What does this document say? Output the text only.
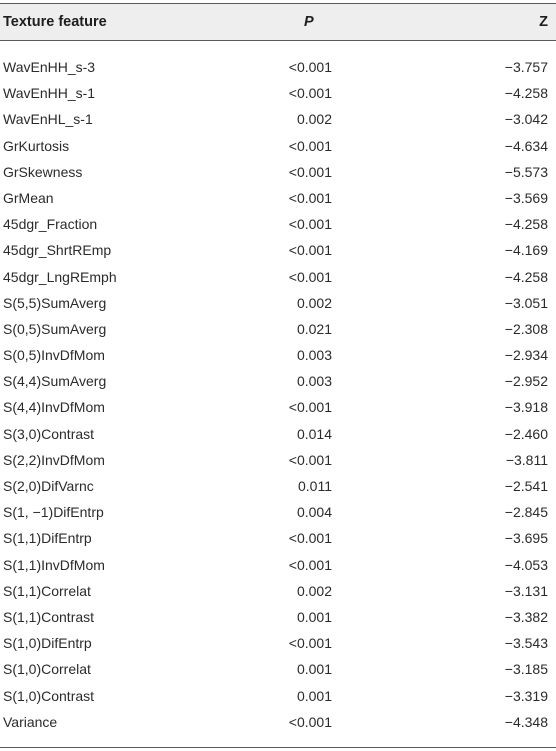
Texture feature	P	Z
WavEnHH_s-3	<0.001	−3.757
WavEnHH_s-1	<0.001	−4.258
WavEnHL_s-1	0.002	−3.042
GrKurtosis	<0.001	−4.634
GrSkewness	<0.001	−5.573
GrMean	<0.001	−3.569
45dgr_Fraction	<0.001	−4.258
45dgr_ShrtREmp	<0.001	−4.169
45dgr_LngREmph	<0.001	−4.258
S(5,5)SumAverg	0.002	−3.051
S(0,5)SumAverg	0.021	−2.308
S(0,5)InvDfMom	0.003	−2.934
S(4,4)SumAverg	0.003	−2.952
S(4,4)InvDfMom	<0.001	−3.918
S(3,0)Contrast	0.014	−2.460
S(2,2)InvDfMom	<0.001	−3.811
S(2,0)DifVarnc	0.011	−2.541
S(1, −1)DifEntrp	0.004	−2.845
S(1,1)DifEntrp	<0.001	−3.695
S(1,1)InvDfMom	<0.001	−4.053
S(1,1)Correlat	0.002	−3.131
S(1,1)Contrast	0.001	−3.382
S(1,0)DifEntrp	<0.001	−3.543
S(1,0)Correlat	0.001	−3.185
S(1,0)Contrast	0.001	−3.319
Variance	<0.001	−4.348
